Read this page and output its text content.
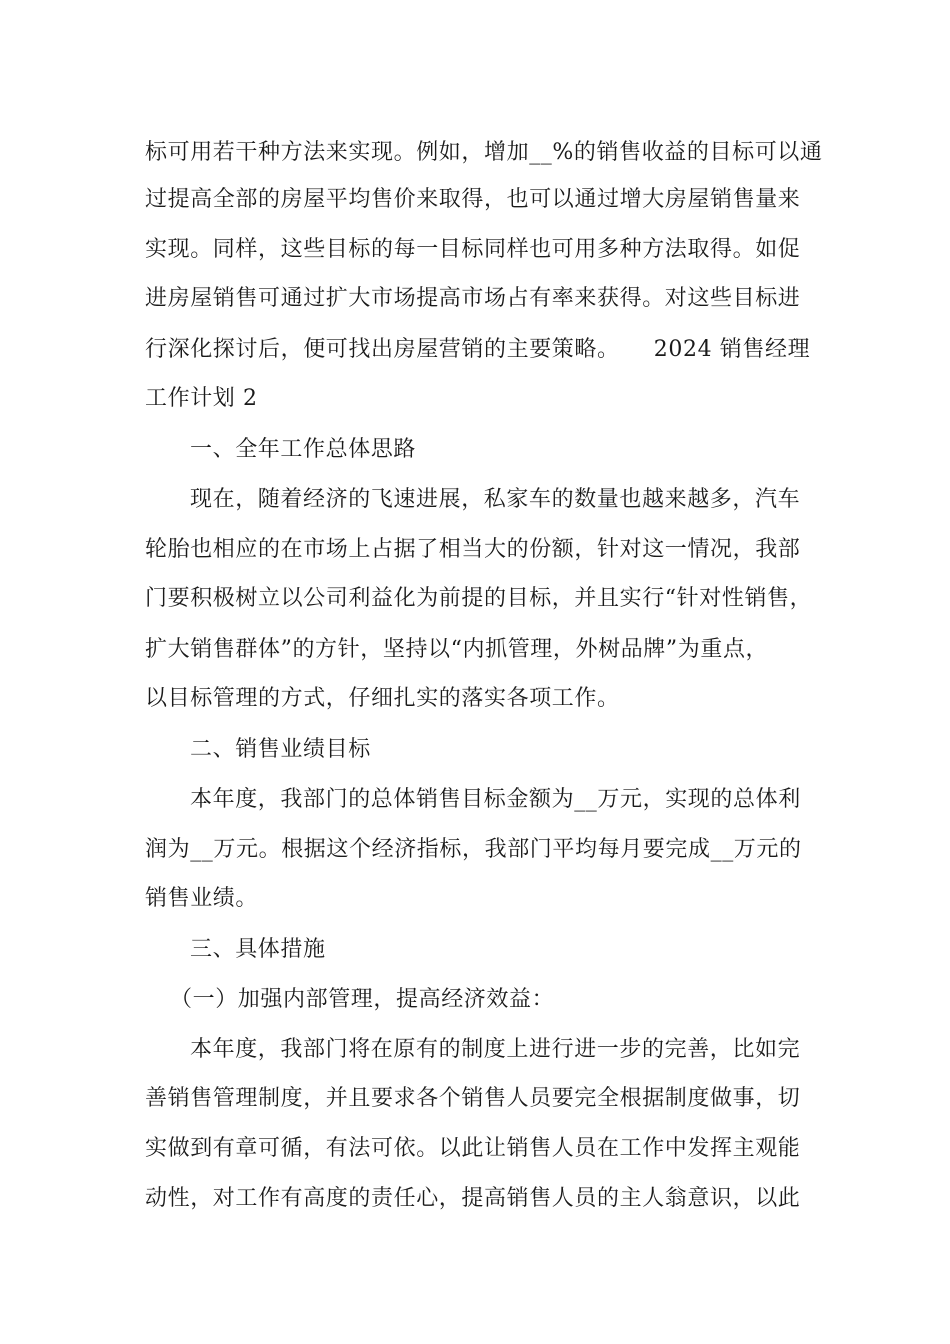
标可用若干种方法来实现。例如，增加__%的销售收益的目标可以通
过提高全部的房屋平均售价来取得，也可以通过增大房屋销售量来
实现。同样，这些目标的每一目标同样也可用多种方法取得。如促
进房屋销售可通过扩大市场提高市场占有率来获得。对这些目标进
行深化探讨后，便可找出房屋营销的主要策略。　　2024 销售经理
工作计划 2
一、全年工作总体思路
现在，随着经济的飞速进展，私家车的数量也越来越多，汽车
轮胎也相应的在市场上占据了相当大的份额，针对这一情况，我部
门要积极树立以公司利益化为前提的目标，并且实行“针对性销售，
扩大销售群体”的方针，坚持以“内抓管理，外树品牌”为重点，
以目标管理的方式，仔细扎实的落实各项工作。
二、销售业绩目标
本年度，我部门的总体销售目标金额为__万元，实现的总体利
润为__万元。根据这个经济指标，我部门平均每月要完成__万元的
销售业绩。
三、具体措施
（一）加强内部管理，提高经济效益：
本年度，我部门将在原有的制度上进行进一步的完善，比如完
善销售管理制度，并且要求各个销售人员要完全根据制度做事，切
实做到有章可循，有法可依。以此让销售人员在工作中发挥主观能
动性，对工作有高度的责任心，提高销售人员的主人翁意识，以此
